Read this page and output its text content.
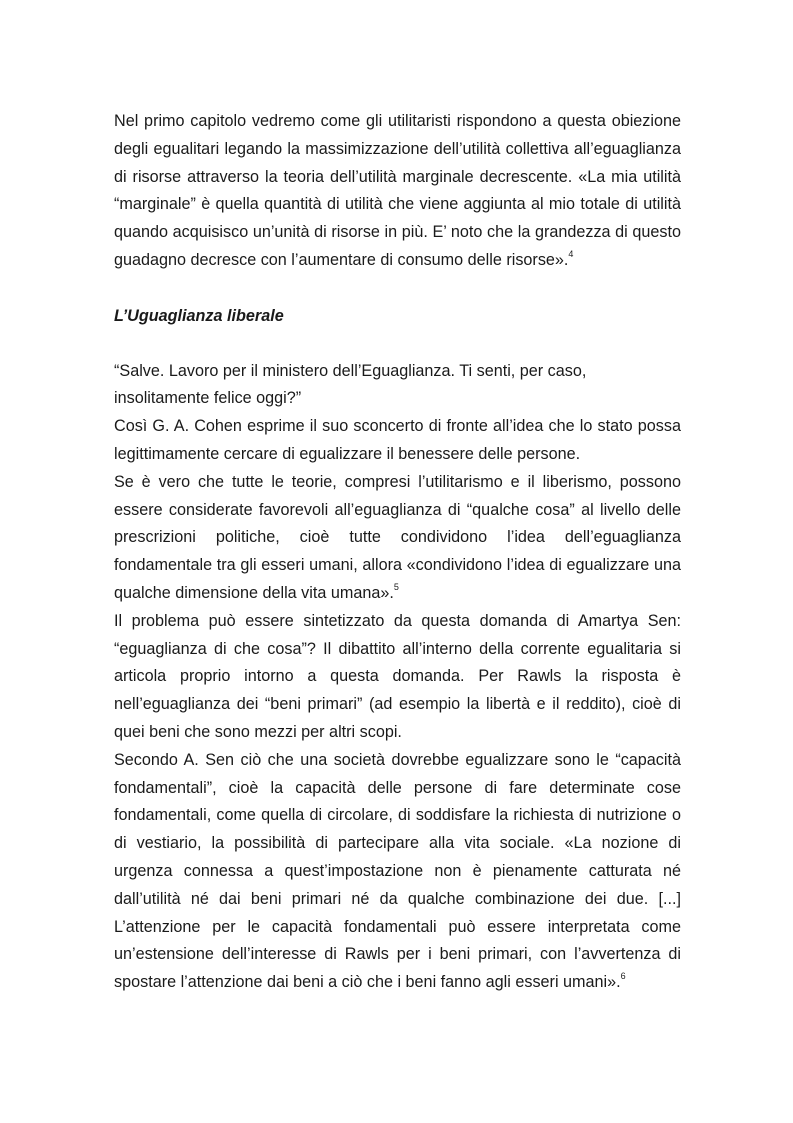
Nel primo capitolo vedremo come gli utilitaristi rispondono a questa obiezione degli egualitari legando la massimizzazione dell’utilità collettiva all’eguaglianza di risorse attraverso la teoria dell’utilità marginale decrescente. «La mia utilità “marginale” è quella quantità di utilità che viene aggiunta al mio totale di utilità quando acquisisco un’unità di risorse in più. E’ noto che la grandezza di questo guadagno decresce con l’aumentare di consumo delle risorse».$^4$

L’Uguaglianza liberale

“Salve. Lavoro per il ministero dell’Eguaglianza. Ti senti, per caso, insolitamente felice oggi?”

Così G. A. Cohen esprime il suo sconcerto di fronte all’idea che lo stato possa legittimamente cercare di egualizzare il benessere delle persone.

Se è vero che tutte le teorie, compresi l’utilitarismo e il liberismo, possono essere considerate favorevoli all’eguaglianza di “qualche cosa” al livello delle prescrizioni politiche, cioè tutte condividono l’idea dell’eguaglianza fondamentale tra gli esseri umani, allora «condividono l’idea di egualizzare una qualche dimensione della vita umana».$^5$

Il problema può essere sintetizzato da questa domanda di Amartya Sen: “eguaglianza di che cosa”? Il dibattito all’interno della corrente egualitaria si articola proprio intorno a questa domanda. Per Rawls la risposta è nell’eguaglianza dei “beni primari” (ad esempio la libertà e il reddito), cioè di quei beni che sono mezzi per altri scopi.

Secondo A. Sen ciò che una società dovrebbe egualizzare sono le “capacità fondamentali”, cioè la capacità delle persone di fare determinate cose fondamentali, come quella di circolare, di soddisfare la richiesta di nutrizione o di vestiario, la possibilità di partecipare alla vita sociale. «La nozione di urgenza connessa a quest’impostazione non è pienamente catturata né dall’utilità né dai beni primari né da qualche combinazione dei due. [...] L’attenzione per le capacità fondamentali può essere interpretata come un’estensione dell’interesse di Rawls per i beni primari, con l’avvertenza di spostare l’attenzione dai beni a ciò che i beni fanno agli esseri umani».$^6$
